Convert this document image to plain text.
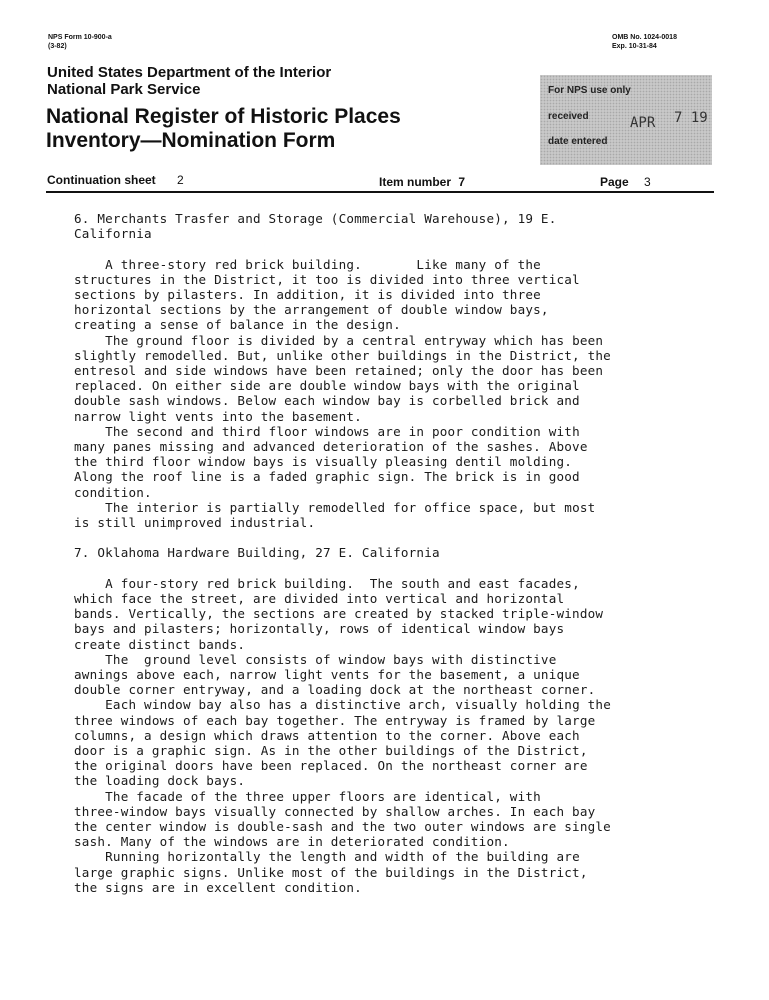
NPS Form 10-900-a
(3-82)
OMB No. 1024-0018
Exp. 10-31-84
United States Department of the Interior
National Park Service
National Register of Historic Places
Inventory—Nomination Form
For NPS use only
received	APR 7 19
date entered
Continuation sheet 2	Item number 7	Page 3
6. Merchants Trasfer and Storage (Commercial Warehouse), 19 E.
California
A three-story red brick building.       Like many of the
structures in the District, it too is divided into three vertical
sections by pilasters. In addition, it is divided into three
horizontal sections by the arrangement of double window bays,
creating a sense of balance in the design.
The ground floor is divided by a central entryway which has been
slightly remodelled. But, unlike other buildings in the District, the
entresol and side windows have been retained; only the door has been
replaced. On either side are double window bays with the original
double sash windows. Below each window bay is corbelled brick and
narrow light vents into the basement.
The second and third floor windows are in poor condition with
many panes missing and advanced deterioration of the sashes. Above
the third floor window bays is visually pleasing dentil molding.
Along the roof line is a faded graphic sign. The brick is in good
condition.
The interior is partially remodelled for office space, but most
is still unimproved industrial.
7. Oklahoma Hardware Building, 27 E. California
A four-story red brick building.  The south and east facades,
which face the street, are divided into vertical and horizontal
bands. Vertically, the sections are created by stacked triple-window
bays and pilasters; horizontally, rows of identical window bays
create distinct bands.
The  ground level consists of window bays with distinctive
awnings above each, narrow light vents for the basement, a unique
double corner entryway, and a loading dock at the northeast corner.
Each window bay also has a distinctive arch, visually holding the
three windows of each bay together. The entryway is framed by large
columns, a design which draws attention to the corner. Above each
door is a graphic sign. As in the other buildings of the District,
the original doors have been replaced. On the northeast corner are
the loading dock bays.
The facade of the three upper floors are identical, with
three-window bays visually connected by shallow arches. In each bay
the center window is double-sash and the two outer windows are single
sash. Many of the windows are in deteriorated condition.
Running horizontally the length and width of the building are
large graphic signs. Unlike most of the buildings in the District,
the signs are in excellent condition.
